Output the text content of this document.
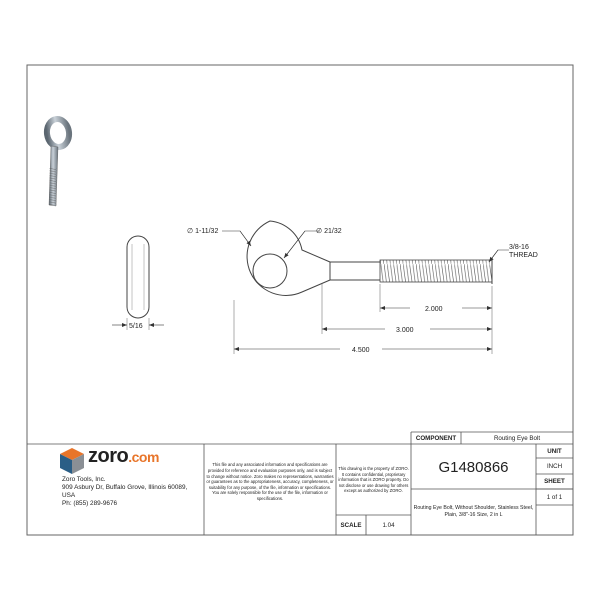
∅ 1-11/32	∅ 21/32
3/8-16
THREAD
2.000
3.000
4.500
5/16
zoro.com
Zoro Tools, Inc.
909 Asbury Dr, Buffalo Grove, Illinois 60089, USA
Ph: (855) 289-9676
This file and any associated information and specifications are provided for reference and evaluation purposes only, and is subject to change without notice. Zoro makes no representations, warranties or guarantees as to the appropriateness, accuracy, completeness, or suitability for any purpose, of the file, information or specifications. You are solely responsible for the use of the file, information or specifications.
This drawing is the property of ZORO. It contains confidential, proprietary information that is ZORO property. Do not disclose or use drawing for others except as authorized by ZORO.
COMPONENT	Routing Eye Bolt
G1480866
Routing Eye Bolt, Without Shoulder, Stainless Steel, Plain, 3/8"-16 Size, 2 in L
SCALE	1.04
UNIT
INCH
SHEET
1 of 1
